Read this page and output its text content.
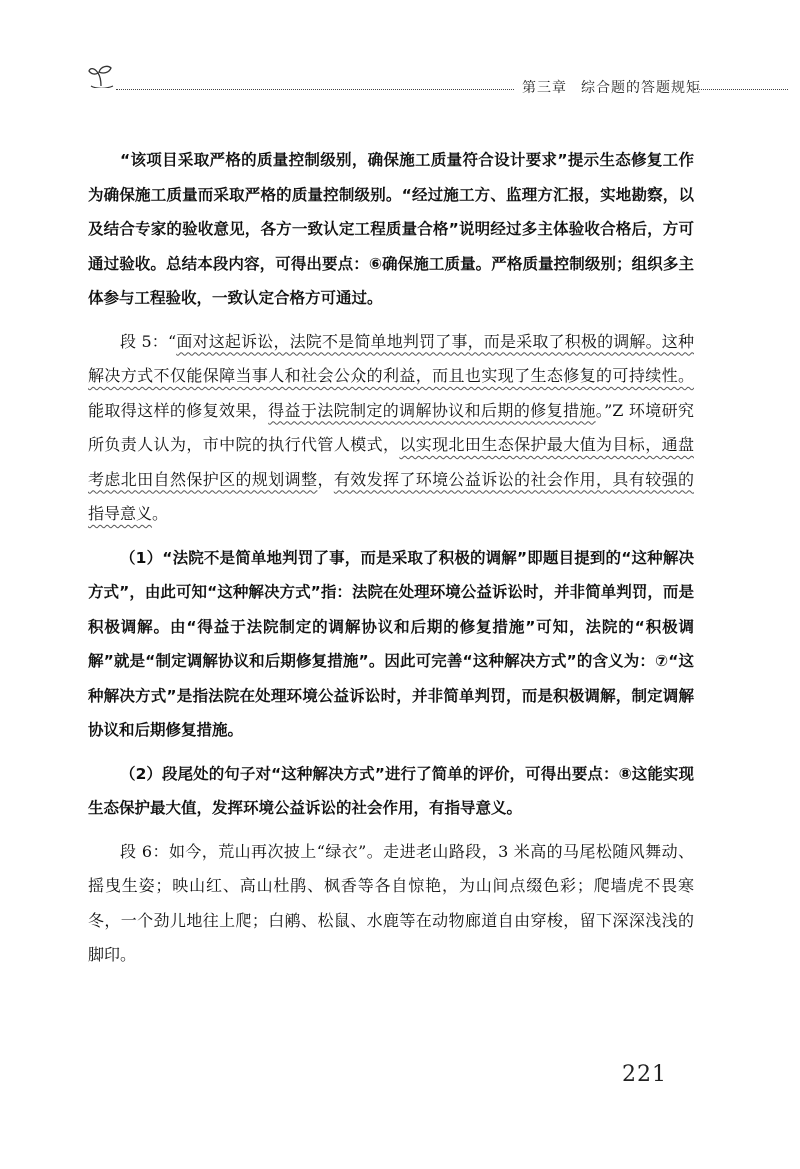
第三章 综合题的答题规矩

“该项目采取严格的质量控制级别，确保施工质量符合设计要求”提示生态修复工作为确保施工质量而采取严格的质量控制级别。“经过施工方、监理方汇报，实地勘察，以及结合专家的验收意见，各方一致认定工程质量合格”说明经过多主体验收合格后，方可通过验收。总结本段内容，可得出要点：⑥确保施工质量。严格质量控制级别；组织多主体参与工程验收，一致认定合格方可通过。

段 5：“面对这起诉讼，法院不是简单地判罚了事，而是采取了积极的调解。这种解决方式不仅能保障当事人和社会公众的利益，而且也实现了生态修复的可持续性。能取得这样的修复效果，得益于法院制定的调解协议和后期的修复措施。”Z 环境研究所负责人认为，市中院的执行代管人模式，以实现北田生态保护最大值为目标，通盘考虑北田自然保护区的规划调整，有效发挥了环境公益诉讼的社会作用，具有较强的指导意义。

（1）“法院不是简单地判罚了事，而是采取了积极的调解”即题目提到的“这种解决方式”，由此可知“这种解决方式”指：法院在处理环境公益诉讼时，并非简单判罚，而是积极调解。由“得益于法院制定的调解协议和后期的修复措施”可知，法院的“积极调解”就是“制定调解协议和后期修复措施”。因此可完善“这种解决方式”的含义为：⑦“这种解决方式”是指法院在处理环境公益诉讼时，并非简单判罚，而是积极调解，制定调解协议和后期修复措施。

（2）段尾处的句子对“这种解决方式”进行了简单的评价，可得出要点：⑧这能实现生态保护最大值，发挥环境公益诉讼的社会作用，有指导意义。

段 6：如今，荒山再次披上“绿衣”。走进老山路段，3 米高的马尾松随风舞动、摇曳生姿；映山红、高山杜鹃、枫香等各自惊艳，为山间点缀色彩；爬墙虎不畏寒冬，一个劲儿地往上爬；白鹇、松鼠、水鹿等在动物廊道自由穿梭，留下深深浅浅的脚印。

221
